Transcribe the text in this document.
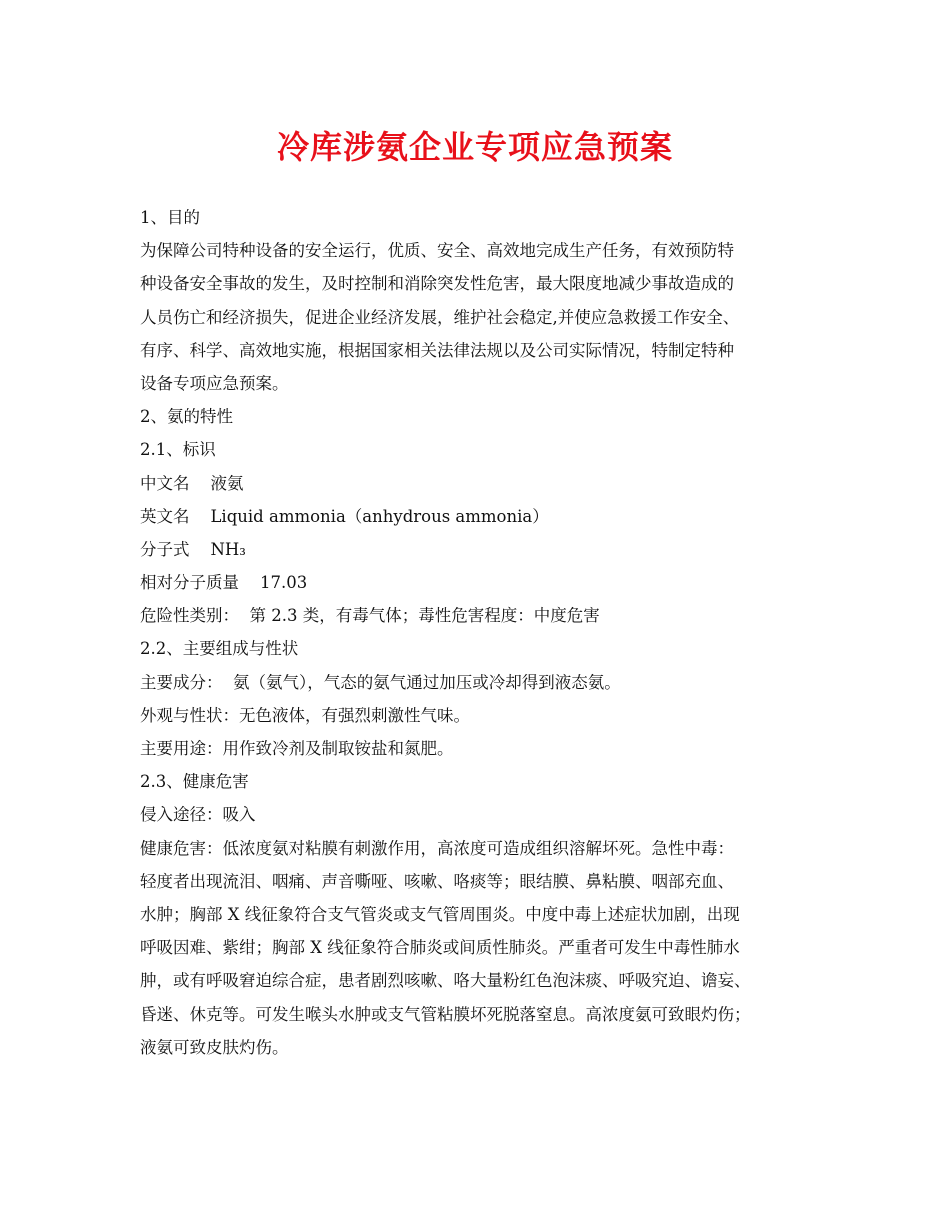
冷库涉氨企业专项应急预案
1、目的
为保障公司特种设备的安全运行，优质、安全、高效地完成生产任务，有效预防特
种设备安全事故的发生，及时控制和消除突发性危害，最大限度地减少事故造成的
人员伤亡和经济损失，促进企业经济发展，维护社会稳定,并使应急救援工作安全、
有序、科学、高效地实施，根据国家相关法律法规以及公司实际情况，特制定特种
设备专项应急预案。
2、氨的特性
2.1、标识
中文名    液氨
英文名    Liquid ammonia（anhydrous ammonia）
分子式    NH₃
相对分子质量    17.03
危险性类别：  第 2.3 类，有毒气体；毒性危害程度：中度危害
2.2、主要组成与性状
主要成分：  氨（氨气），气态的氨气通过加压或冷却得到液态氨。
外观与性状：无色液体，有强烈刺激性气味。
主要用途：用作致冷剂及制取铵盐和氮肥。
2.3、健康危害
侵入途径：吸入
健康危害：低浓度氨对粘膜有刺激作用，高浓度可造成组织溶解坏死。急性中毒：
轻度者出现流泪、咽痛、声音嘶哑、咳嗽、咯痰等；眼结膜、鼻粘膜、咽部充血、
水肿；胸部 X 线征象符合支气管炎或支气管周围炎。中度中毒上述症状加剧，出现
呼吸因难、紫绀；胸部 X 线征象符合肺炎或间质性肺炎。严重者可发生中毒性肺水
肿，或有呼吸窘迫综合症，患者剧烈咳嗽、咯大量粉红色泡沫痰、呼吸究迫、谵妄、
昏迷、休克等。可发生喉头水肿或支气管粘膜坏死脱落窒息。高浓度氨可致眼灼伤；
液氨可致皮肤灼伤。
